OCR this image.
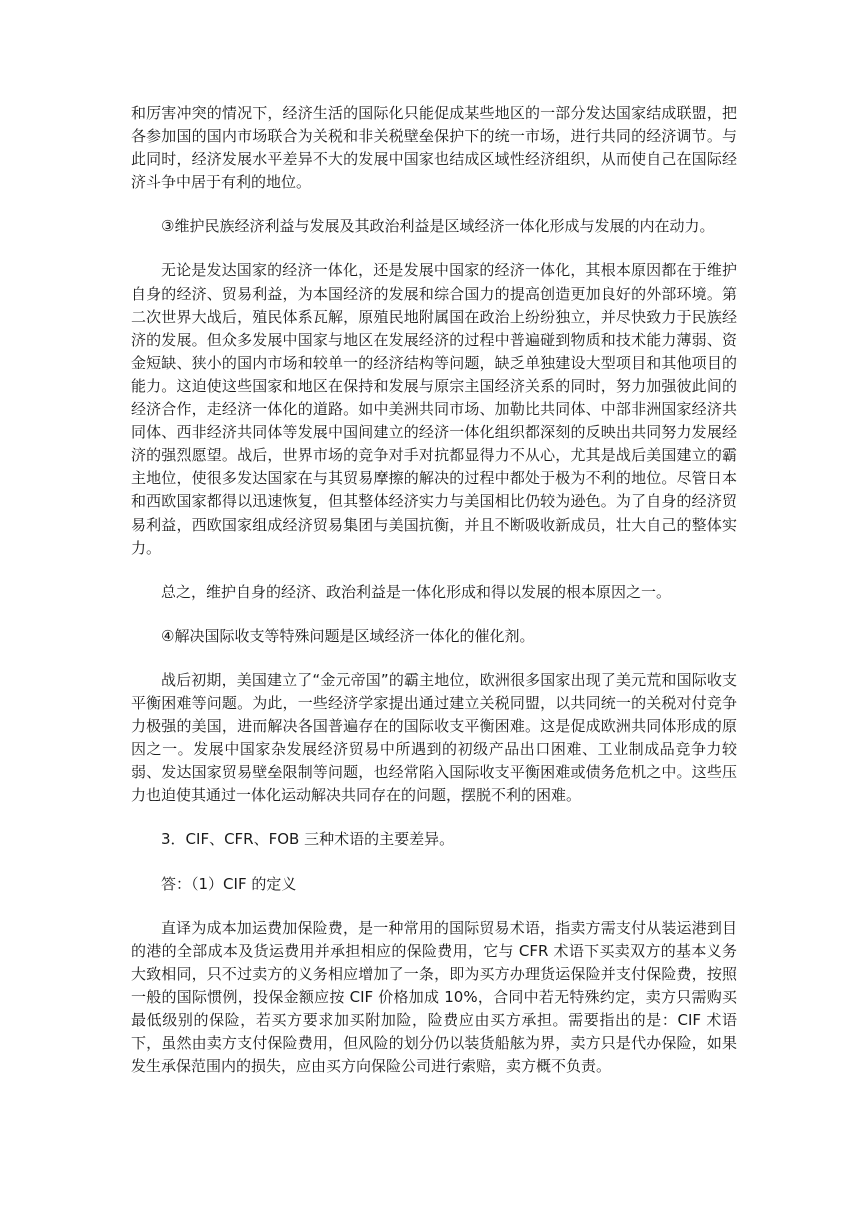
和厉害冲突的情况下，经济生活的国际化只能促成某些地区的一部分发达国家结成联盟，把各参加国的国内市场联合为关税和非关税壁垒保护下的统一市场，进行共同的经济调节。与此同时，经济发展水平差异不大的发展中国家也结成区域性经济组织，从而使自己在国际经济斗争中居于有利的地位。

③维护民族经济利益与发展及其政治利益是区域经济一体化形成与发展的内在动力。

无论是发达国家的经济一体化，还是发展中国家的经济一体化，其根本原因都在于维护自身的经济、贸易利益，为本国经济的发展和综合国力的提高创造更加良好的外部环境。第二次世界大战后，殖民体系瓦解，原殖民地附属国在政治上纷纷独立，并尽快致力于民族经济的发展。但众多发展中国家与地区在发展经济的过程中普遍碰到物质和技术能力薄弱、资金短缺、狭小的国内市场和较单一的经济结构等问题，缺乏单独建设大型项目和其他项目的能力。这迫使这些国家和地区在保持和发展与原宗主国经济关系的同时，努力加强彼此间的经济合作，走经济一体化的道路。如中美洲共同市场、加勒比共同体、中部非洲国家经济共同体、西非经济共同体等发展中国间建立的经济一体化组织都深刻的反映出共同努力发展经济的强烈愿望。战后，世界市场的竞争对手对抗都显得力不从心，尤其是战后美国建立的霸主地位，使很多发达国家在与其贸易摩擦的解决的过程中都处于极为不利的地位。尽管日本和西欧国家都得以迅速恢复，但其整体经济实力与美国相比仍较为逊色。为了自身的经济贸易利益，西欧国家组成经济贸易集团与美国抗衡，并且不断吸收新成员，壮大自己的整体实力。

总之，维护自身的经济、政治利益是一体化形成和得以发展的根本原因之一。

④解决国际收支等特殊问题是区域经济一体化的催化剂。

战后初期，美国建立了“金元帝国”的霸主地位，欧洲很多国家出现了美元荒和国际收支平衡困难等问题。为此，一些经济学家提出通过建立关税同盟，以共同统一的关税对付竞争力极强的美国，进而解决各国普遍存在的国际收支平衡困难。这是促成欧洲共同体形成的原因之一。发展中国家杂发展经济贸易中所遇到的初级产品出口困难、工业制成品竞争力较弱、发达国家贸易壁垒限制等问题，也经常陷入国际收支平衡困难或债务危机之中。这些压力也迫使其通过一体化运动解决共同存在的问题，摆脱不利的困难。

3．CIF、CFR、FOB 三种术语的主要差异。

答：（1）CIF 的定义

直译为成本加运费加保险费，是一种常用的国际贸易术语，指卖方需支付从装运港到目的港的全部成本及货运费用并承担相应的保险费用，它与 CFR 术语下买卖双方的基本义务大致相同，只不过卖方的义务相应增加了一条，即为买方办理货运保险并支付保险费，按照一般的国际惯例，投保金额应按 CIF 价格加成 10%，合同中若无特殊约定，卖方只需购买最低级别的保险，若买方要求加买附加险，险费应由买方承担。需要指出的是：CIF 术语下，虽然由卖方支付保险费用，但风险的划分仍以装货船舷为界，卖方只是代办保险，如果发生承保范围内的损失，应由买方向保险公司进行索赔，卖方概不负责。
